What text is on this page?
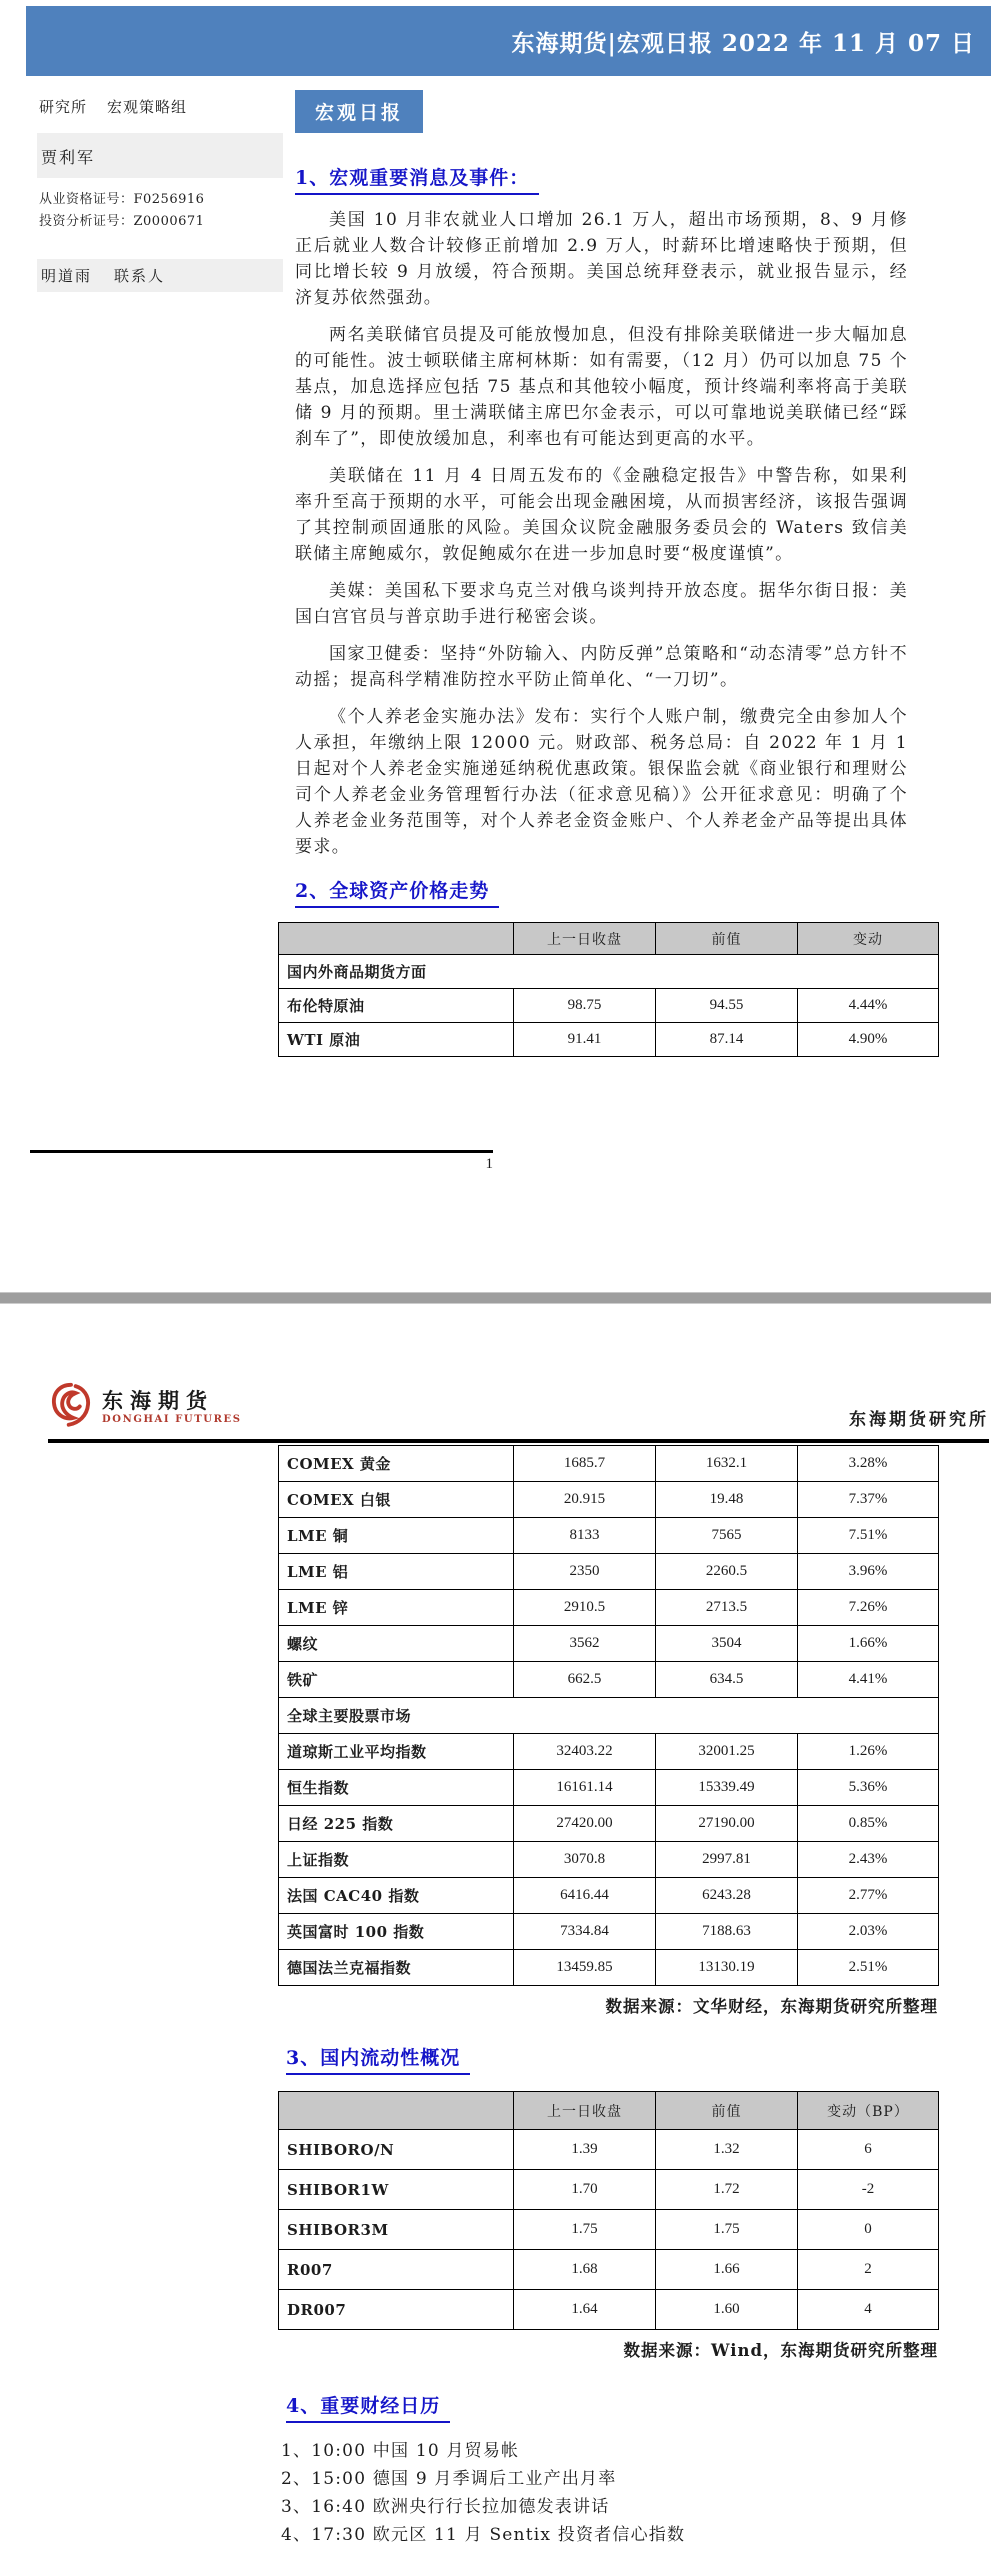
东海期货|宏观日报 2022 年 11 月 07 日
研究所 宏观策略组
贾利军
从业资格证号：F0256916
投资分析证号：Z0000671
明道雨 联系人
宏观日报
1、宏观重要消息及事件：

美国 10 月非农就业人口增加 26.1 万人，超出市场预期，8、9 月修正后就业人数合计较修正前增加 2.9 万人，时薪环比增速略快于预期，但同比增长较 9 月放缓，符合预期。美国总统拜登表示，就业报告显示，经济复苏依然强劲。

两名美联储官员提及可能放慢加息，但没有排除美联储进一步大幅加息的可能性。波士顿联储主席柯林斯：如有需要，（12 月）仍可以加息 75 个基点，加息选择应包括 75 基点和其他较小幅度，预计终端利率将高于美联储 9 月的预期。里士满联储主席巴尔金表示，可以可靠地说美联储已经“踩刹车了”，即使放缓加息，利率也有可能达到更高的水平。

美联储在 11 月 4 日周五发布的《金融稳定报告》中警告称，如果利率升至高于预期的水平，可能会出现金融困境，从而损害经济，该报告强调了其控制顽固通胀的风险。美国众议院金融服务委员会的 Waters 致信美联储主席鲍威尔，敦促鲍威尔在进一步加息时要“极度谨慎”。

美媒：美国私下要求乌克兰对俄乌谈判持开放态度。据华尔街日报：美国白宫官员与普京助手进行秘密会谈。

国家卫健委：坚持“外防输入、内防反弹”总策略和“动态清零”总方针不动摇；提高科学精准防控水平防止简单化、“一刀切”。

《个人养老金实施办法》发布：实行个人账户制，缴费完全由参加人个人承担，年缴纳上限 12000 元。财政部、税务总局：自 2022 年 1 月 1 日起对个人养老金实施递延纳税优惠政策。银保监会就《商业银行和理财公司个人养老金业务管理暂行办法（征求意见稿）》公开征求意见：明确了个人养老金业务范围等，对个人养老金资金账户、个人养老金产品等提出具体要求。

2、全球资产价格走势
	上一日收盘	前值	变动
国内外商品期货方面			
布伦特原油	98.75	94.55	4.44%
WTI 原油	91.41	87.14	4.90%
1
东海期货
DONGHAI FUTURES	东海期货研究所
COMEX 黄金	1685.7	1632.1	3.28%
COMEX 白银	20.915	19.48	7.37%
LME 铜	8133	7565	7.51%
LME 铝	2350	2260.5	3.96%
LME 锌	2910.5	2713.5	7.26%
螺纹	3562	3504	1.66%
铁矿	662.5	634.5	4.41%
全球主要股票市场			
道琼斯工业平均指数	32403.22	32001.25	1.26%
恒生指数	16161.14	15339.49	5.36%
日经 225 指数	27420.00	27190.00	0.85%
上证指数	3070.8	2997.81	2.43%
法国 CAC40 指数	6416.44	6243.28	2.77%
英国富时 100 指数	7334.84	7188.63	2.03%
德国法兰克福指数	13459.85	13130.19	2.51%
数据来源：文华财经，东海期货研究所整理
3、国内流动性概况
	上一日收盘	前值	变动（BP）
SHIBORO/N	1.39	1.32	6
SHIBOR1W	1.70	1.72	-2
SHIBOR3M	1.75	1.75	0
R007	1.68	1.66	2
DR007	1.64	1.60	4
数据来源：Wind，东海期货研究所整理
4、重要财经日历
1、10:00 中国 10 月贸易帐
2、15:00 德国 9 月季调后工业产出月率
3、16:40 欧洲央行行长拉加德发表讲话
4、17:30 欧元区 11 月 Sentix 投资者信心指数
